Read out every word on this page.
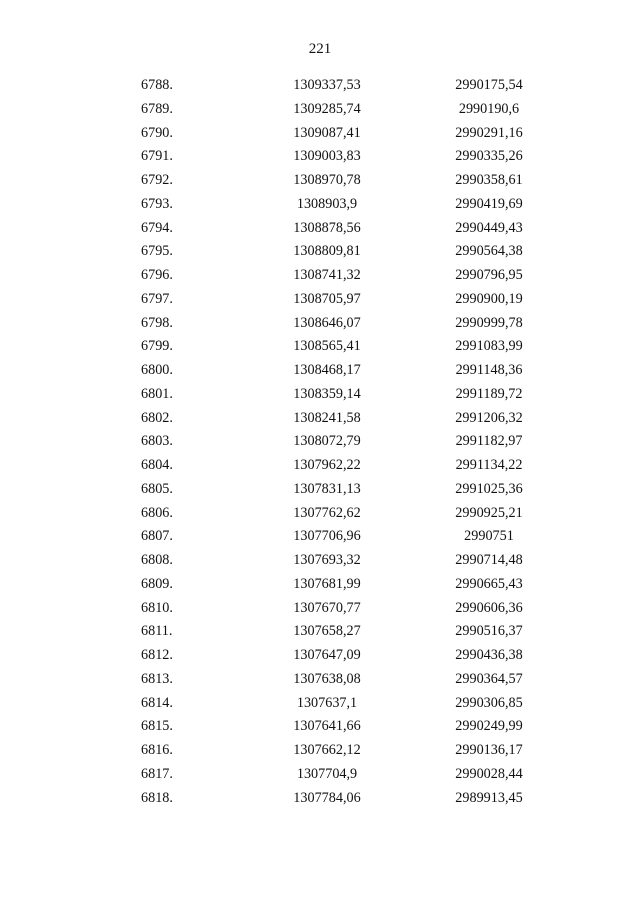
221
6788.	1309337,53	2990175,54
6789.	1309285,74	2990190,6
6790.	1309087,41	2990291,16
6791.	1309003,83	2990335,26
6792.	1308970,78	2990358,61
6793.	1308903,9	2990419,69
6794.	1308878,56	2990449,43
6795.	1308809,81	2990564,38
6796.	1308741,32	2990796,95
6797.	1308705,97	2990900,19
6798.	1308646,07	2990999,78
6799.	1308565,41	2991083,99
6800.	1308468,17	2991148,36
6801.	1308359,14	2991189,72
6802.	1308241,58	2991206,32
6803.	1308072,79	2991182,97
6804.	1307962,22	2991134,22
6805.	1307831,13	2991025,36
6806.	1307762,62	2990925,21
6807.	1307706,96	2990751
6808.	1307693,32	2990714,48
6809.	1307681,99	2990665,43
6810.	1307670,77	2990606,36
6811.	1307658,27	2990516,37
6812.	1307647,09	2990436,38
6813.	1307638,08	2990364,57
6814.	1307637,1	2990306,85
6815.	1307641,66	2990249,99
6816.	1307662,12	2990136,17
6817.	1307704,9	2990028,44
6818.	1307784,06	2989913,45
